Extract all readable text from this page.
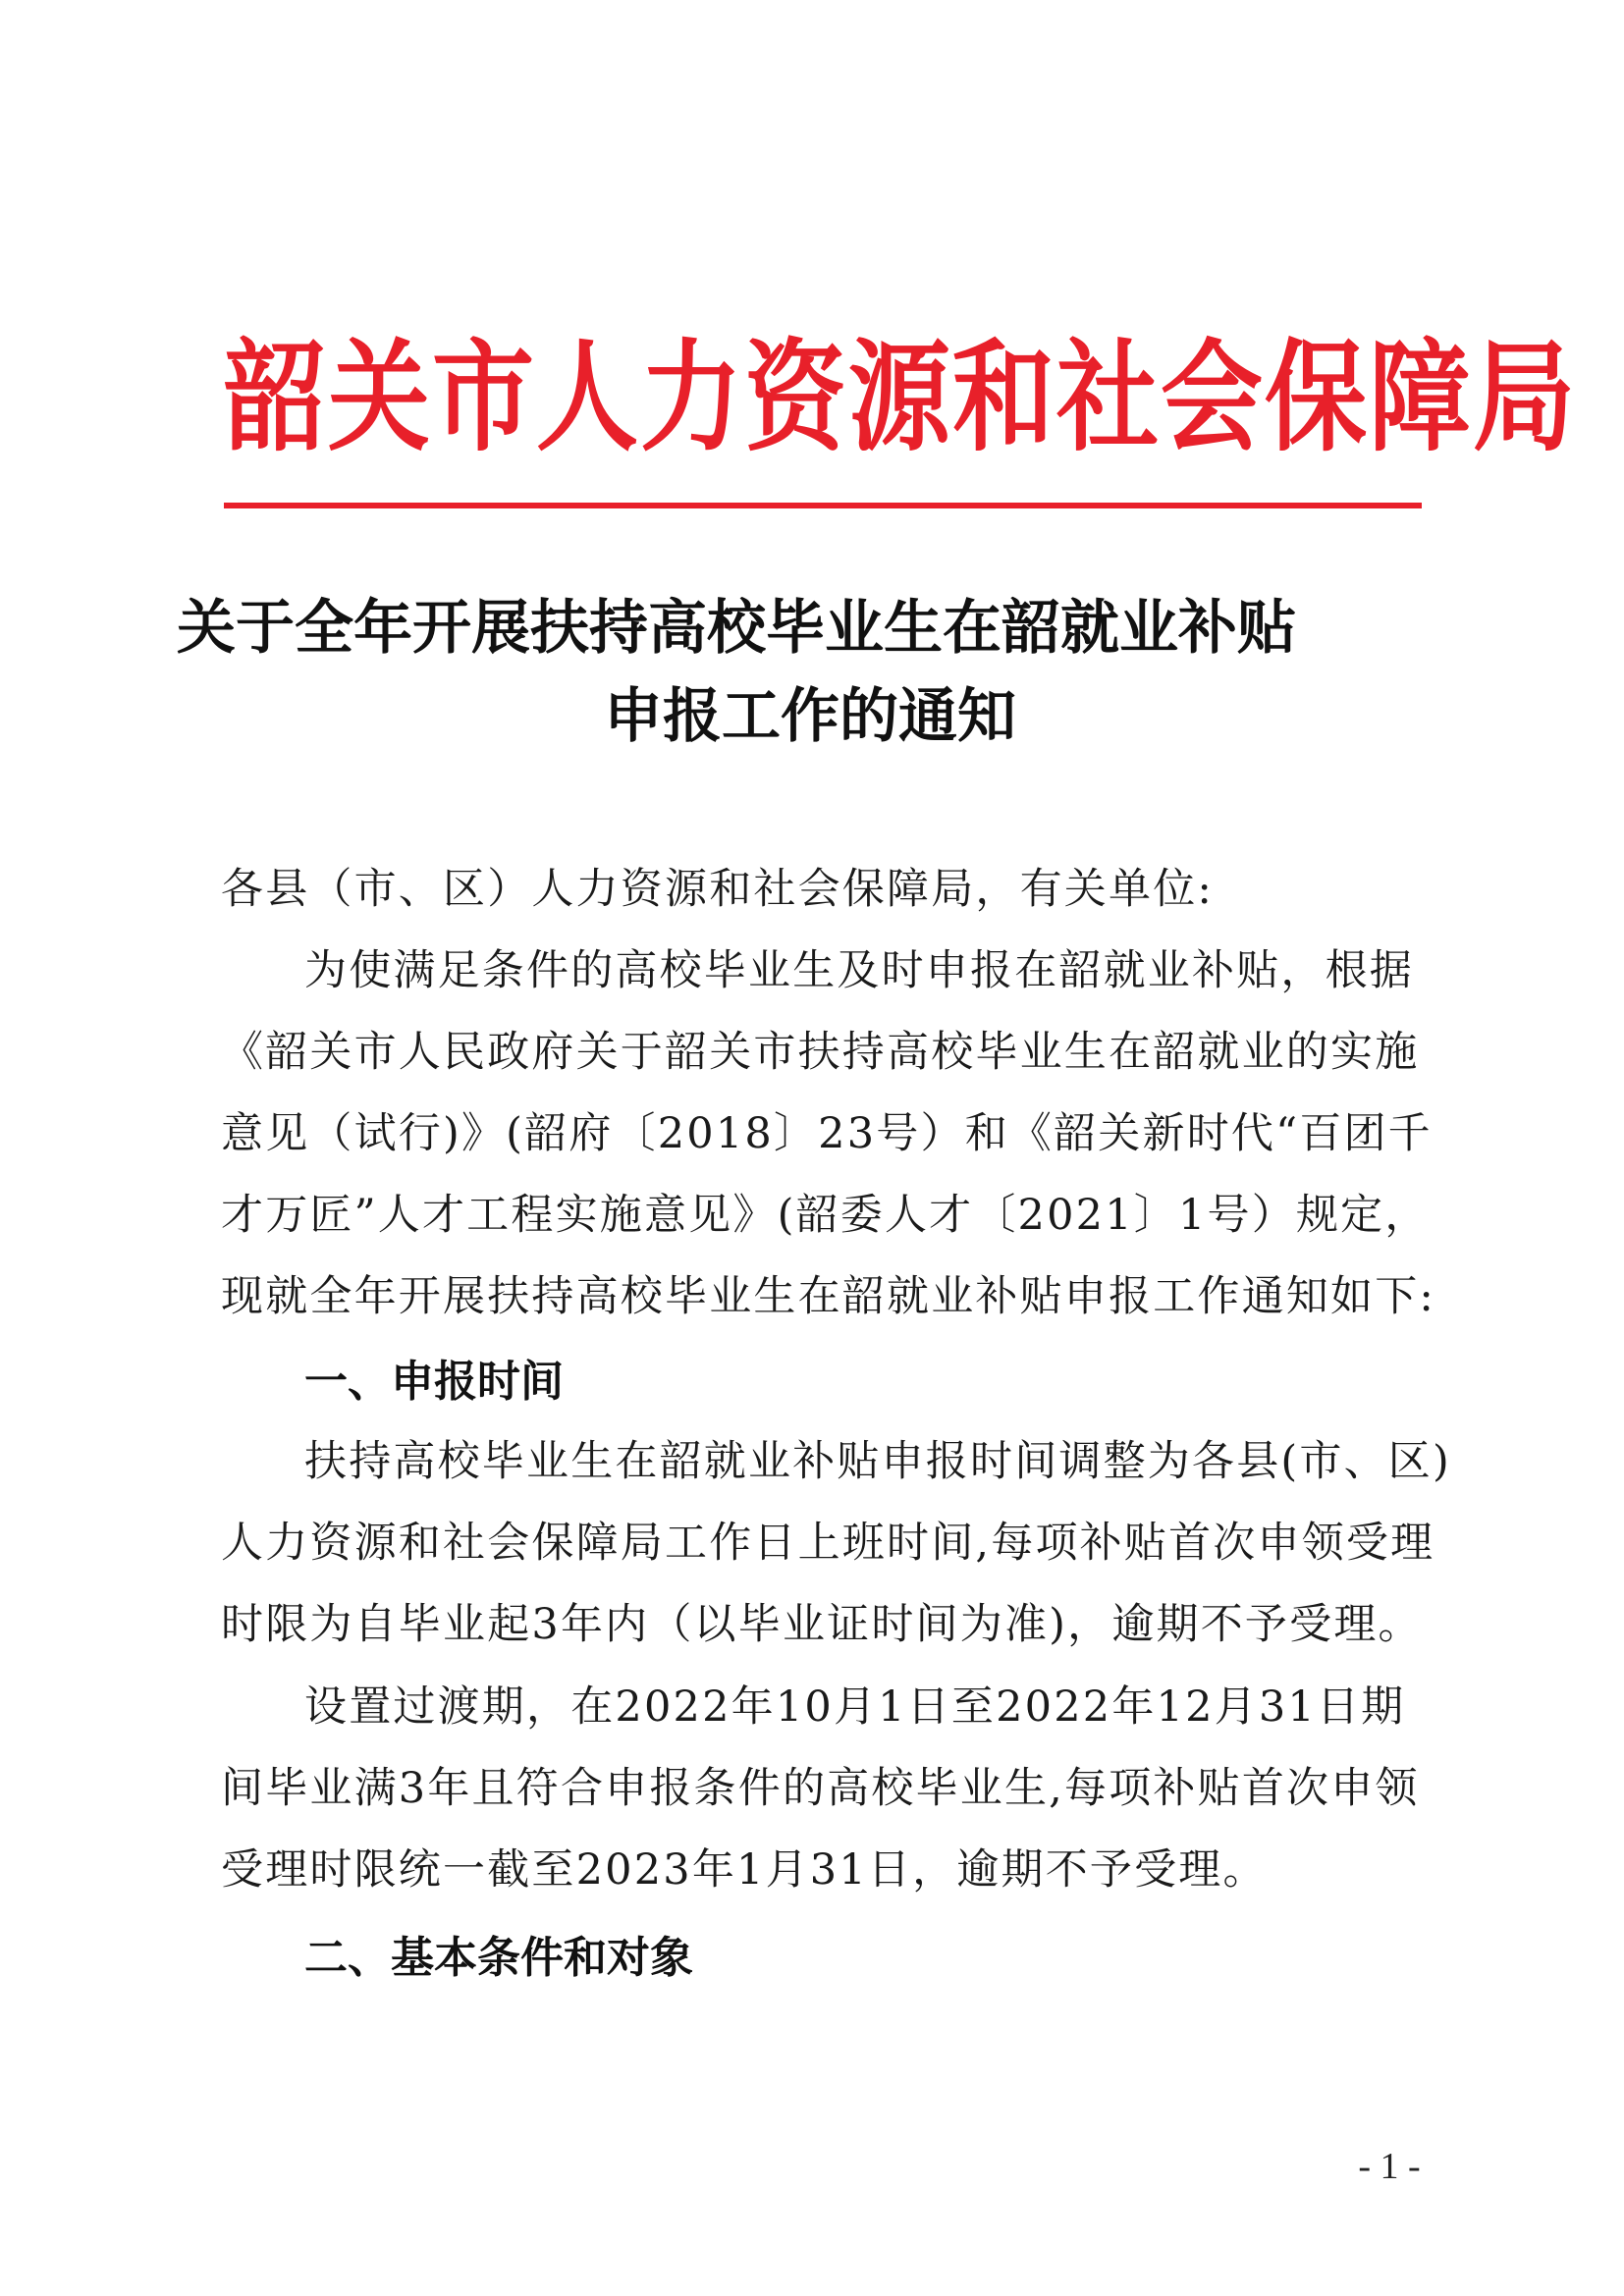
韶关市人力资源和社会保障局
关于全年开展扶持高校毕业生在韶就业补贴
申报工作的通知
各县（市、区）人力资源和社会保障局，有关单位:
为使满足条件的高校毕业生及时申报在韶就业补贴，根据
《韶关市人民政府关于韶关市扶持高校毕业生在韶就业的实施
意见（试行)》(韶府〔2018〕23号）和《韶关新时代“百团千
才万匠”人才工程实施意见》(韶委人才〔2021〕1号）规定，
现就全年开展扶持高校毕业生在韶就业补贴申报工作通知如下:
一、申报时间
扶持高校毕业生在韶就业补贴申报时间调整为各县(市、区)
人力资源和社会保障局工作日上班时间,每项补贴首次申领受理
时限为自毕业起3年内（以毕业证时间为准)，逾期不予受理。
设置过渡期，在2022年10月1日至2022年12月31日期
间毕业满3年且符合申报条件的高校毕业生,每项补贴首次申领
受理时限统一截至2023年1月31日，逾期不予受理。
二、基本条件和对象
- 1 -
